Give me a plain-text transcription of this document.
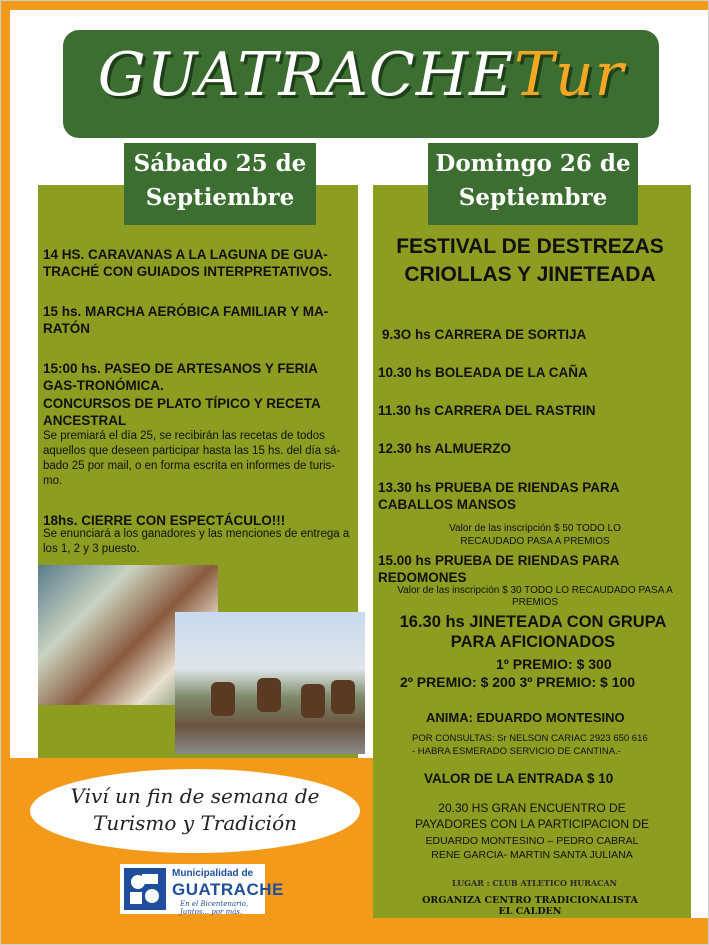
GUATRACHETur
Sábado 25 de
Septiembre
Domingo 26 de
Septiembre
14 HS. CARAVANAS A LA LAGUNA DE GUA-TRACHÉ CON GUIADOS INTERPRETATIVOS.
15 hs. MARCHA AERÓBICA FAMILIAR Y MA-RATÓN
15:00 hs. PASEO DE ARTESANOS Y FERIA GAS-TRONÓMICA.
CONCURSOS DE PLATO TÍPICO Y RECETA ANCESTRAL
Se premiará el día 25, se recibirán las recetas de todos aquellos que deseen participar hasta las 15 hs. del día sá-bado 25 por mail, o en forma escrita en informes de turis-mo.
18hs. CIERRE CON ESPECTÁCULO!!!
Se enunciará a los ganadores y las menciones de entrega a los 1, 2 y 3 puesto.
Viví un fin de semana de
Turismo y Tradición
Municipalidad de
GUATRACHE
En el Bicentenario,
Juntos... por más.
FESTIVAL DE DESTREZAS CRIOLLAS Y JINETEADA
9.3O hs CARRERA DE SORTIJA
10.30 hs BOLEADA DE LA CAÑA
11.30 hs CARRERA DEL RASTRIN
12.30 hs ALMUERZO
13.30 hs PRUEBA DE RIENDAS PARA CABALLOS MANSOS
Valor de las inscripción $ 50 TODO LO RECAUDADO PASA A PREMIOS
15.00 hs PRUEBA DE RIENDAS PARA REDOMONES
Valor de las inscripción $ 30 TODO LO RECAUDADO PASA A PREMIOS
16.30 hs JINETEADA CON GRUPA PARA AFICIONADOS
1º PREMIO: $ 300
2º PREMIO: $ 200 3º PREMIO: $ 100
ANIMA: EDUARDO MONTESINO
POR CONSULTAS: Sr NELSON CARIAC 2923 650 616
- HABRA ESMERADO SERVICIO DE CANTINA.-
VALOR DE LA ENTRADA $ 10
20.30 HS GRAN ENCUENTRO DE
PAYADORES CON LA PARTICIPACION DE
EDUARDO MONTESINO – PEDRO CABRAL
RENE GARCIA- MARTIN SANTA JULIANA
LUGAR : CLUB ATLETICO HURACAN
ORGANIZA CENTRO TRADICIONALISTA
EL CALDEN
